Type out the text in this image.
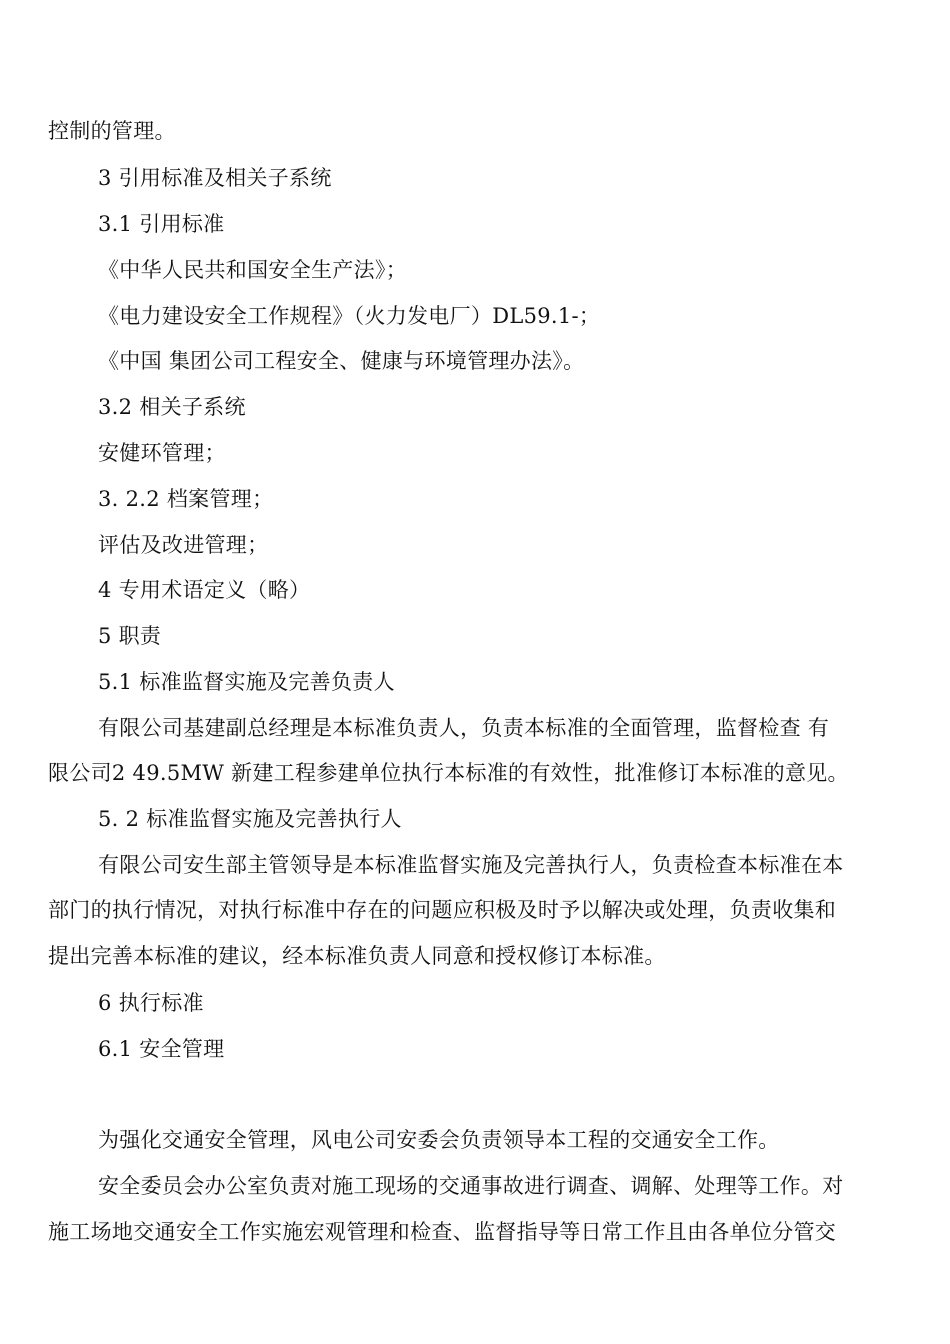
控制的管理。
3 引用标准及相关子系统
3.1 引用标准
《中华人民共和国安全生产法》；
《电力建设安全工作规程》（火力发电厂）DL59.1-；
《中国 集团公司工程安全、健康与环境管理办法》。
3.2 相关子系统
安健环管理；
3. 2.2 档案管理；
评估及改进管理；
4 专用术语定义（略）
5 职责
5.1 标准监督实施及完善负责人
有限公司基建副总经理是本标准负责人，负责本标准的全面管理，监督检查 有
限公司2 49.5MW 新建工程参建单位执行本标准的有效性，批准修订本标准的意见。
5. 2 标准监督实施及完善执行人
有限公司安生部主管领导是本标准监督实施及完善执行人，负责检查本标准在本
部门的执行情况，对执行标准中存在的问题应积极及时予以解决或处理，负责收集和
提出完善本标准的建议，经本标准负责人同意和授权修订本标准。
6 执行标准
6.1 安全管理
为强化交通安全管理，风电公司安委会负责领导本工程的交通安全工作。
安全委员会办公室负责对施工现场的交通事故进行调查、调解、处理等工作。对
施工场地交通安全工作实施宏观管理和检查、监督指导等日常工作且由各单位分管交
